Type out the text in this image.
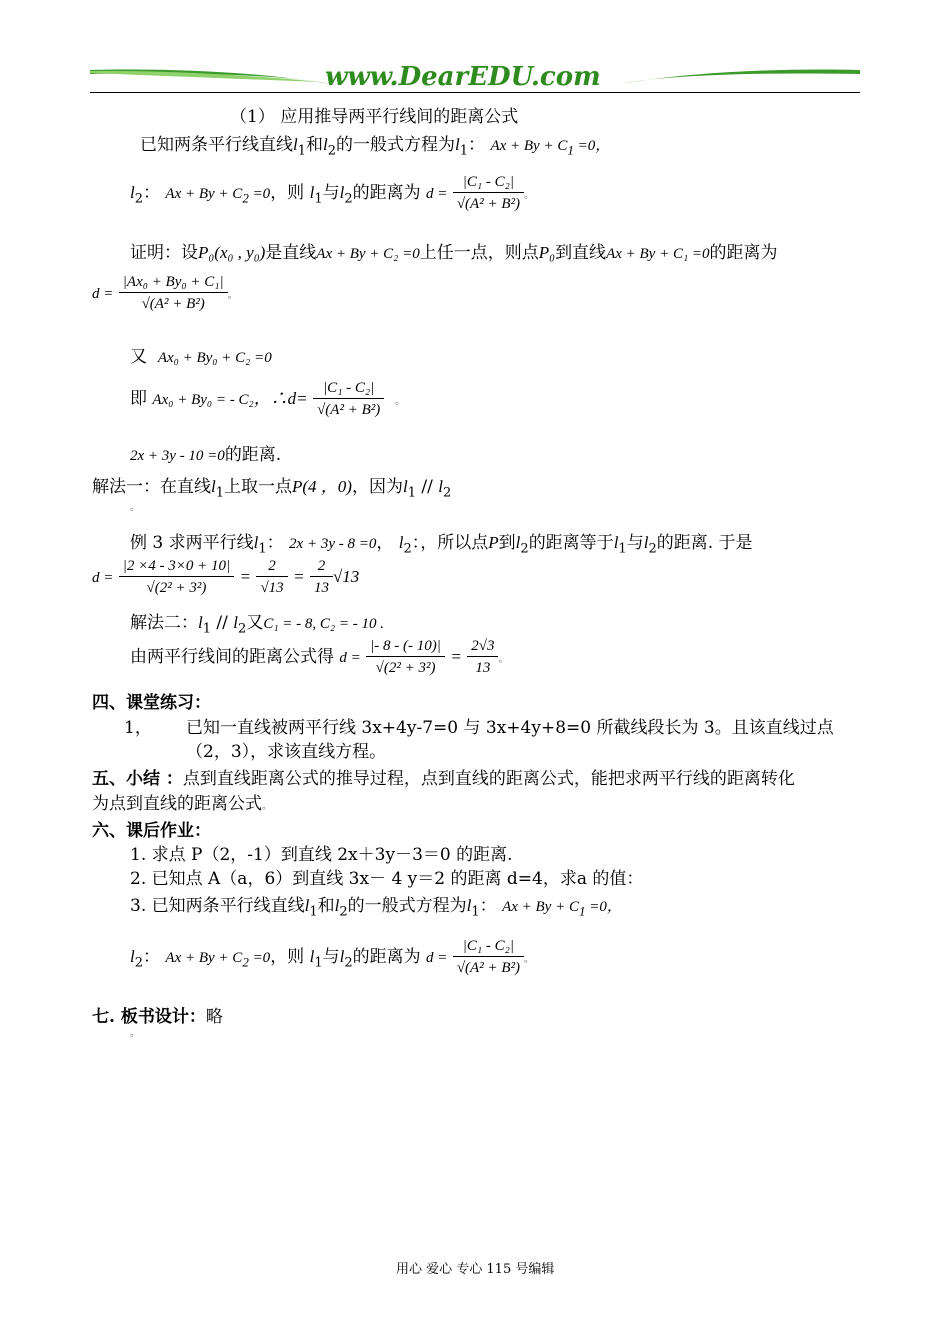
www.DearEDU.com
（1） 应用推导两平行线间的距离公式
已知两条平行线直线$l_1$和$l_2$的一般式方程为$l_1$： $Ax + By + C_1 =0$，
$l_2$： $Ax + By + C_2 =0$，则 $l_1$与$l_2$的距离为 $d = \frac{\text{|C₁ - C₂|}}{\text{√(A² + B²)}}$ 。
证明：设P₀(x₀ , y₀)是直线Ax + By + C₂ =0上任一点，则点P₀到直线Ax + By + C₁ =0的距离为
$d = \frac{\text{|Ax₀ + By₀ + C₁|}}{\text{√(A² + B²)}}$ 。
又 Ax₀ + By₀ + C₂ =0
即 Ax₀ + By₀ = - C₂，∴d= $\frac{\text{|C₁ - C₂|}}{\text{√(A² + B²)}}$ 。
2x + 3y - 10 =0的距离.
解法一：在直线$l_1$上取一点P(4 ，0)，因为$l_1 // l_2$
。
例 3 求两平行线$l_1$： 2x + 3y - 8 =0， $l_2$：，所以点P到$l_2$的距离等于$l_1$与$l_2$的距离. 于是
$d = \frac{|2 \times 4 - 3\times 0 + 10|}{\text{√(2² + 3²)}} = \frac{2}{√13} = \frac{2}{13} √13$
解法二：$l_1 // l_2$又C₁ = - 8, C₂ = - 10 .
由两平行线间的距离公式得 $d = \frac{|- 8 - (- 10)|}{\text{√(2² + 3²)}} = \frac{2√3}{13}$ 。
四、课堂练习：
1， 已知一直线被两平行线 3x+4y-7=0 与 3x+4y+8=0 所截线段长为 3。且该直线过点
（2，3），求该直线方程。
五、小结 ：点到直线距离公式的推导过程，点到直线的距离公式，能把求两平行线的距离转化
为点到直线的距离公式。
六、课后作业：
1. 求点 P（2，-1）到直线 2x＋3y－3＝0 的距离.
2. 已知点 A（a，6）到直线 3x－ 4 y＝2 的距离 d=4，求a 的值：
3. 已知两条平行线直线$l_1$和$l_2$的一般式方程为$l_1$： $Ax + By + C_1 =0$，
$l_2$： $Ax + By + C_2 =0$，则 $l_1$与$l_2$的距离为 $d = \frac{\text{|C₁ - C₂|}}{\text{√(A² + B²)}}$ 。
七. 板书设计：略
。
用心 爱心 专心 115 号编辑
